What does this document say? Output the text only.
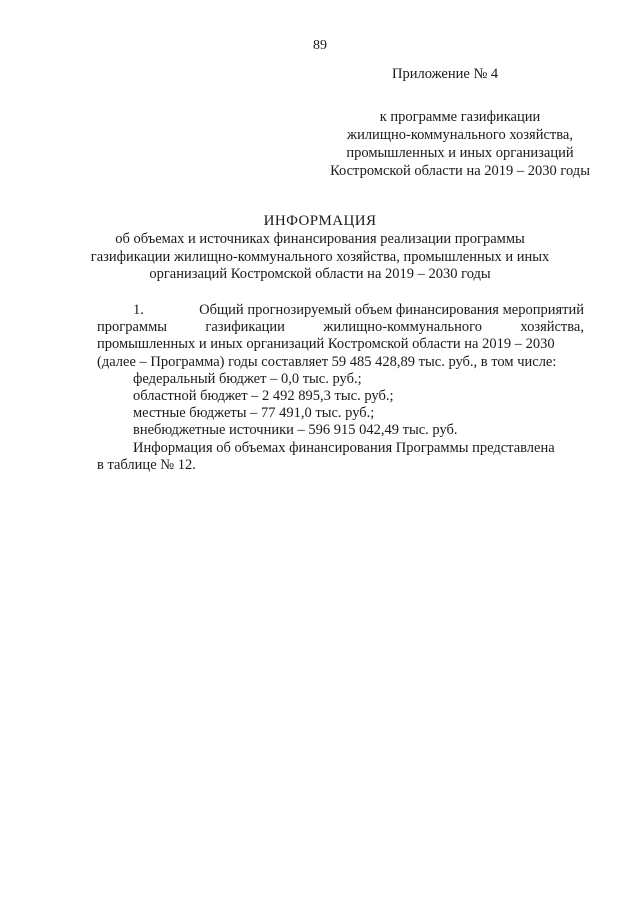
89
Приложение № 4
к программе газификации
жилищно-коммунального хозяйства,
промышленных и иных организаций
Костромской области на 2019 – 2030 годы
ИНФОРМАЦИЯ
об объемах и источниках финансирования реализации программы
газификации жилищно-коммунального хозяйства, промышленных и иных
организаций Костромской области на 2019 – 2030 годы
1.	Общий прогнозируемый объем финансирования мероприятий
программы	газификации	жилищно-коммунального	хозяйства,
промышленных и иных организаций Костромской области на 2019 – 2030
(далее – Программа) годы составляет 59 485 428,89 тыс. руб., в том числе:
федеральный бюджет – 0,0 тыс. руб.;
областной бюджет – 2 492 895,3 тыс. руб.;
местные бюджеты – 77 491,0 тыс. руб.;
внебюджетные источники – 596 915 042,49 тыс. руб.
Информация об объемах финансирования Программы представлена
в таблице № 12.
